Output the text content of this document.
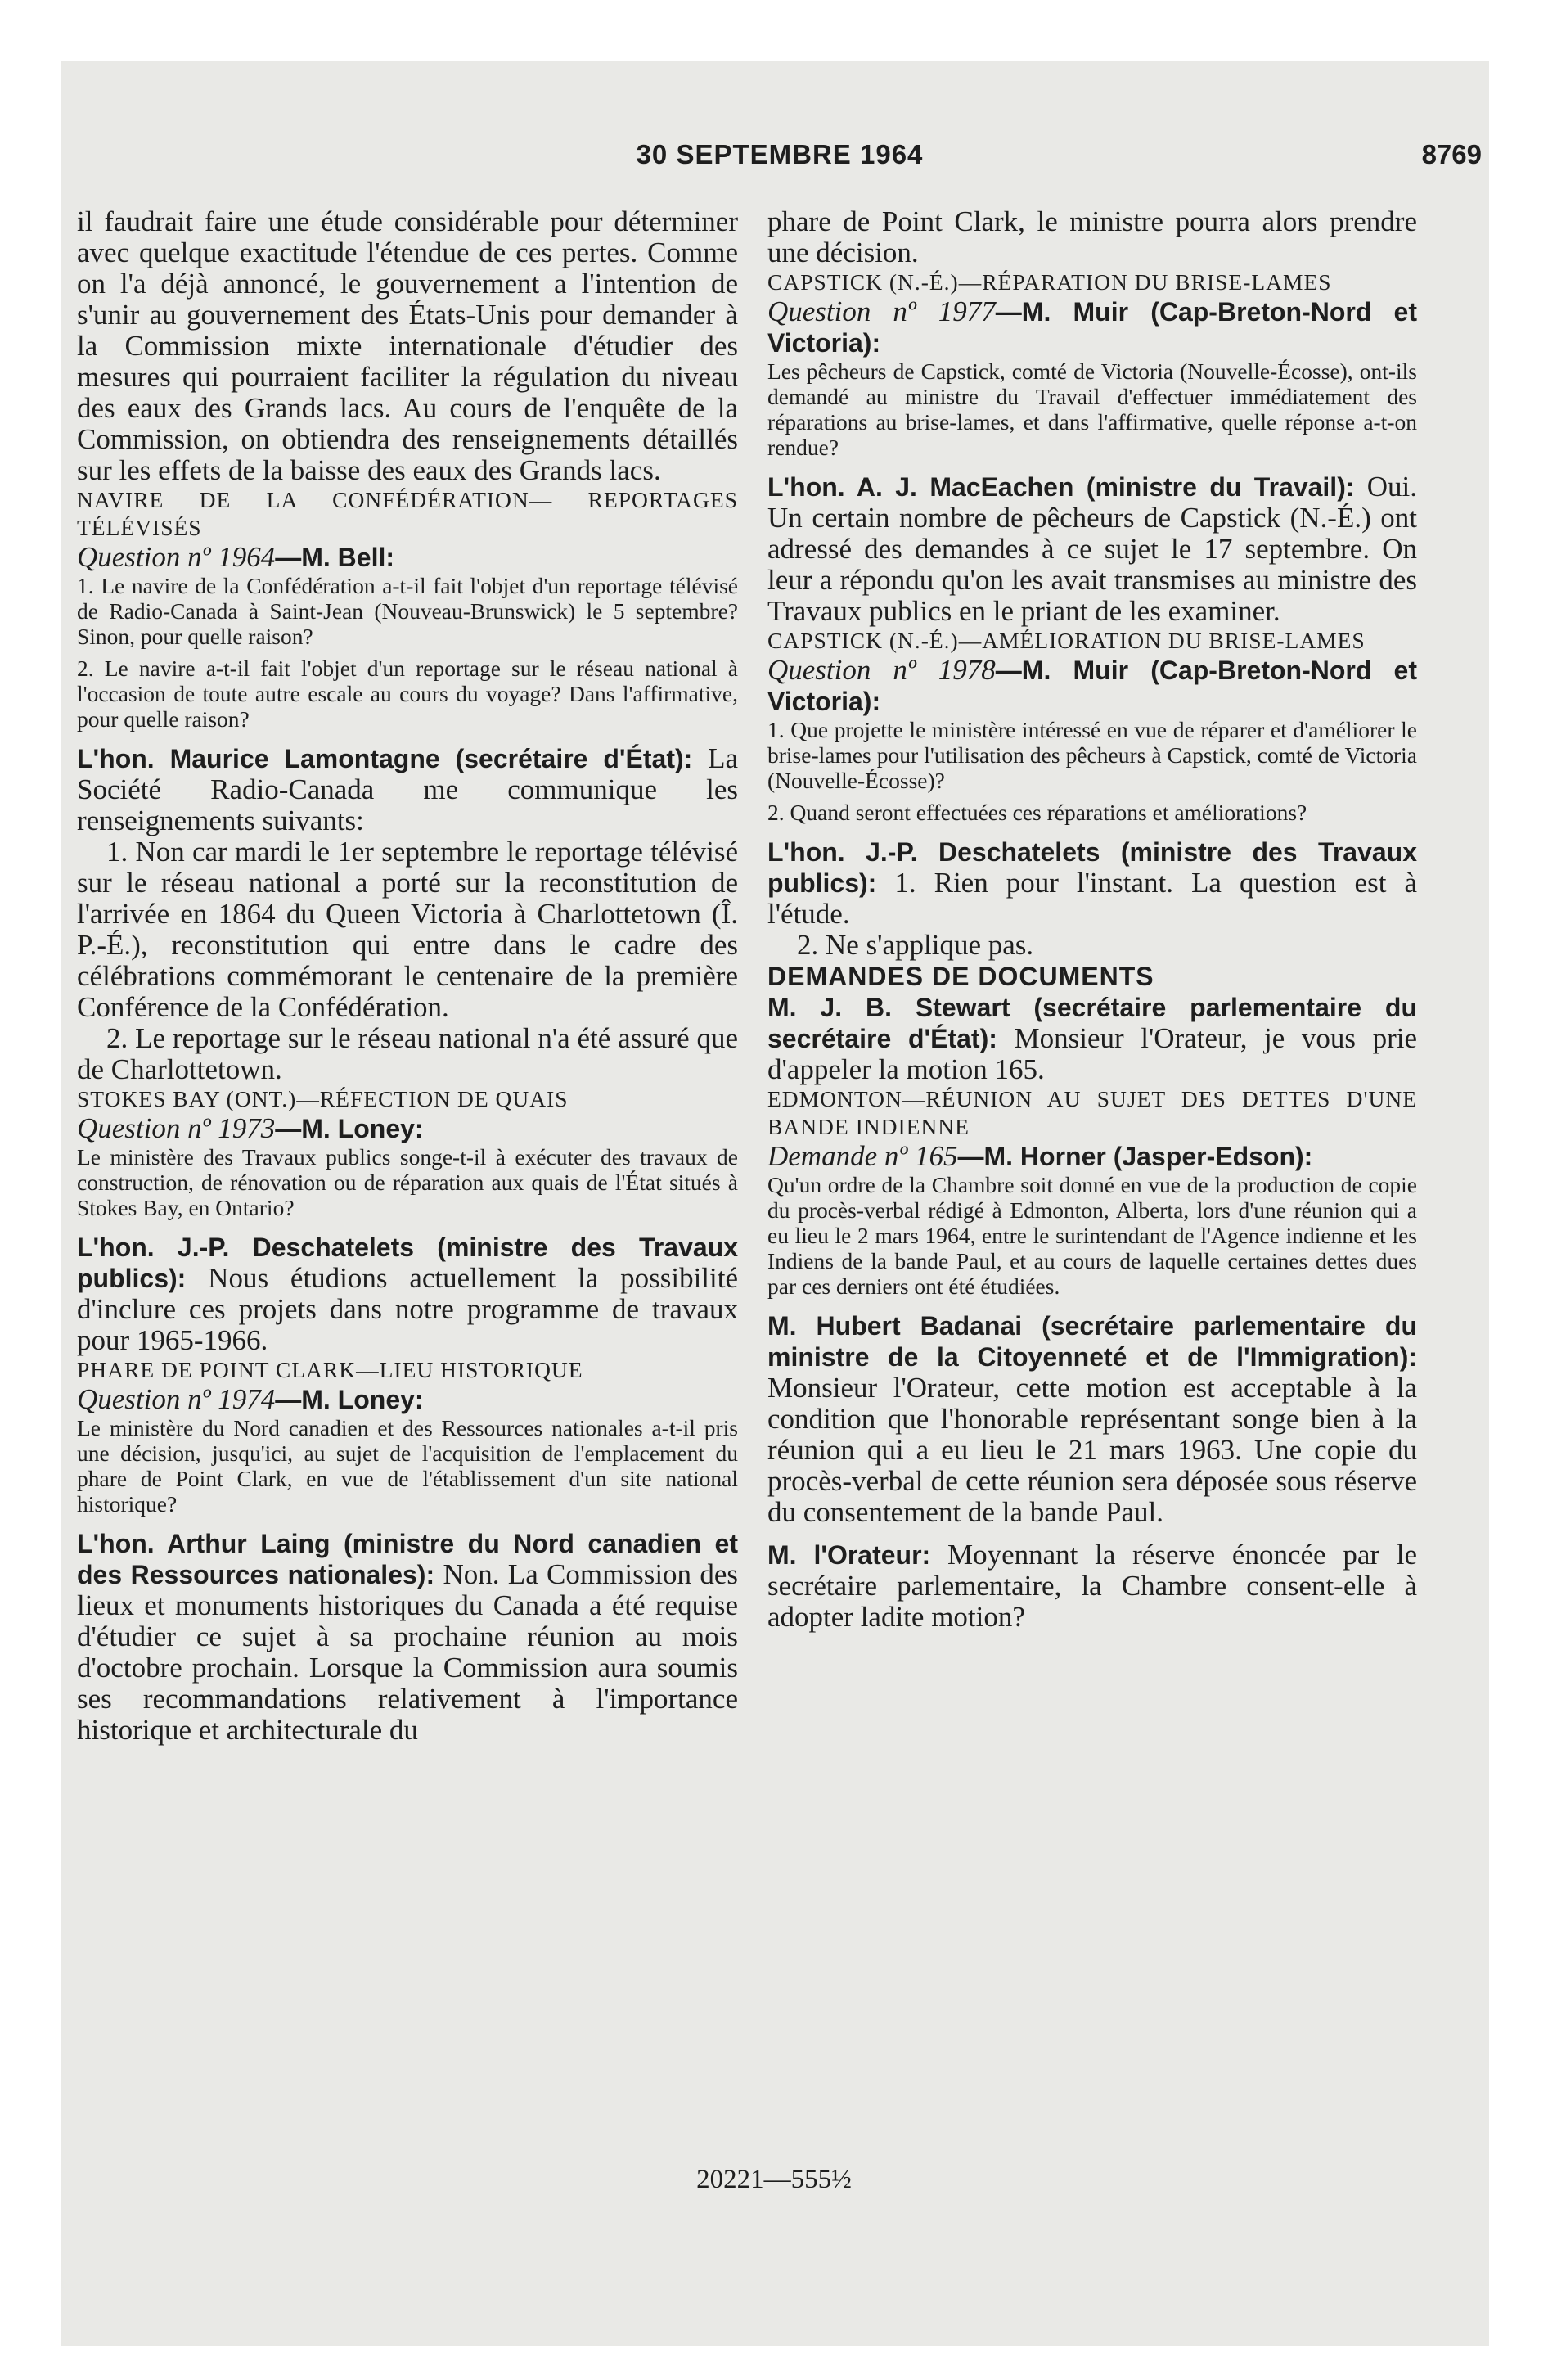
30 SEPTEMBRE 1964	8769

il faudrait faire une étude considérable pour déterminer avec quelque exactitude l'étendue de ces pertes. Comme on l'a déjà annoncé, le gouvernement a l'intention de s'unir au gouvernement des États-Unis pour demander à la Commission mixte internationale d'étudier des mesures qui pourraient faciliter la régulation du niveau des eaux des Grands lacs. Au cours de l'enquête de la Commission, on obtiendra des renseignements détaillés sur les effets de la baisse des eaux des Grands lacs.

NAVIRE DE LA CONFÉDÉRATION— REPORTAGES TÉLÉVISÉS

Question nº 1964—M. Bell:

1. Le navire de la Confédération a-t-il fait l'objet d'un reportage télévisé de Radio-Canada à Saint-Jean (Nouveau-Brunswick) le 5 septembre? Sinon, pour quelle raison?

2. Le navire a-t-il fait l'objet d'un reportage sur le réseau national à l'occasion de toute autre escale au cours du voyage? Dans l'affirmative, pour quelle raison?

L'hon. Maurice Lamontagne (secrétaire d'État): La Société Radio-Canada me communique les renseignements suivants:

1. Non car mardi le 1er septembre le reportage télévisé sur le réseau national a porté sur la reconstitution de l'arrivée en 1864 du Queen Victoria à Charlottetown (Î. P.-É.), reconstitution qui entre dans le cadre des célébrations commémorant le centenaire de la première Conférence de la Confédération.

2. Le reportage sur le réseau national n'a été assuré que de Charlottetown.

STOKES BAY (ONT.)—RÉFECTION DE QUAIS

Question nº 1973—M. Loney:

Le ministère des Travaux publics songe-t-il à exécuter des travaux de construction, de rénovation ou de réparation aux quais de l'État situés à Stokes Bay, en Ontario?

L'hon. J.-P. Deschatelets (ministre des Travaux publics): Nous étudions actuellement la possibilité d'inclure ces projets dans notre programme de travaux pour 1965-1966.

PHARE DE POINT CLARK—LIEU HISTORIQUE

Question nº 1974—M. Loney:

Le ministère du Nord canadien et des Ressources nationales a-t-il pris une décision, jusqu'ici, au sujet de l'acquisition de l'emplacement du phare de Point Clark, en vue de l'établissement d'un site national historique?

L'hon. Arthur Laing (ministre du Nord canadien et des Ressources nationales): Non. La Commission des lieux et monuments historiques du Canada a été requise d'étudier ce sujet à sa prochaine réunion au mois d'octobre prochain. Lorsque la Commission aura soumis ses recommandations relativement à l'importance historique et architecturale du

phare de Point Clark, le ministre pourra alors prendre une décision.

CAPSTICK (N.-É.)—RÉPARATION DU BRISE-LAMES

Question nº 1977—M. Muir (Cap-Breton-Nord et Victoria):

Les pêcheurs de Capstick, comté de Victoria (Nouvelle-Écosse), ont-ils demandé au ministre du Travail d'effectuer immédiatement des réparations au brise-lames, et dans l'affirmative, quelle réponse a-t-on rendue?

L'hon. A. J. MacEachen (ministre du Travail): Oui. Un certain nombre de pêcheurs de Capstick (N.-É.) ont adressé des demandes à ce sujet le 17 septembre. On leur a répondu qu'on les avait transmises au ministre des Travaux publics en le priant de les examiner.

CAPSTICK (N.-É.)—AMÉLIORATION DU BRISE-LAMES

Question nº 1978—M. Muir (Cap-Breton-Nord et Victoria):

1. Que projette le ministère intéressé en vue de réparer et d'améliorer le brise-lames pour l'utilisation des pêcheurs à Capstick, comté de Victoria (Nouvelle-Écosse)?

2. Quand seront effectuées ces réparations et améliorations?

L'hon. J.-P. Deschatelets (ministre des Travaux publics): 1. Rien pour l'instant. La question est à l'étude.

2. Ne s'applique pas.

DEMANDES DE DOCUMENTS

M. J. B. Stewart (secrétaire parlementaire du secrétaire d'État): Monsieur l'Orateur, je vous prie d'appeler la motion 165.

EDMONTON—RÉUNION AU SUJET DES DETTES D'UNE BANDE INDIENNE

Demande nº 165—M. Horner (Jasper-Edson):

Qu'un ordre de la Chambre soit donné en vue de la production de copie du procès-verbal rédigé à Edmonton, Alberta, lors d'une réunion qui a eu lieu le 2 mars 1964, entre le surintendant de l'Agence indienne et les Indiens de la bande Paul, et au cours de laquelle certaines dettes dues par ces derniers ont été étudiées.

M. Hubert Badanai (secrétaire parlementaire du ministre de la Citoyenneté et de l'Immigration): Monsieur l'Orateur, cette motion est acceptable à la condition que l'honorable représentant songe bien à la réunion qui a eu lieu le 21 mars 1963. Une copie du procès-verbal de cette réunion sera déposée sous réserve du consentement de la bande Paul.

M. l'Orateur: Moyennant la réserve énoncée par le secrétaire parlementaire, la Chambre consent-elle à adopter ladite motion?

20221—555½
